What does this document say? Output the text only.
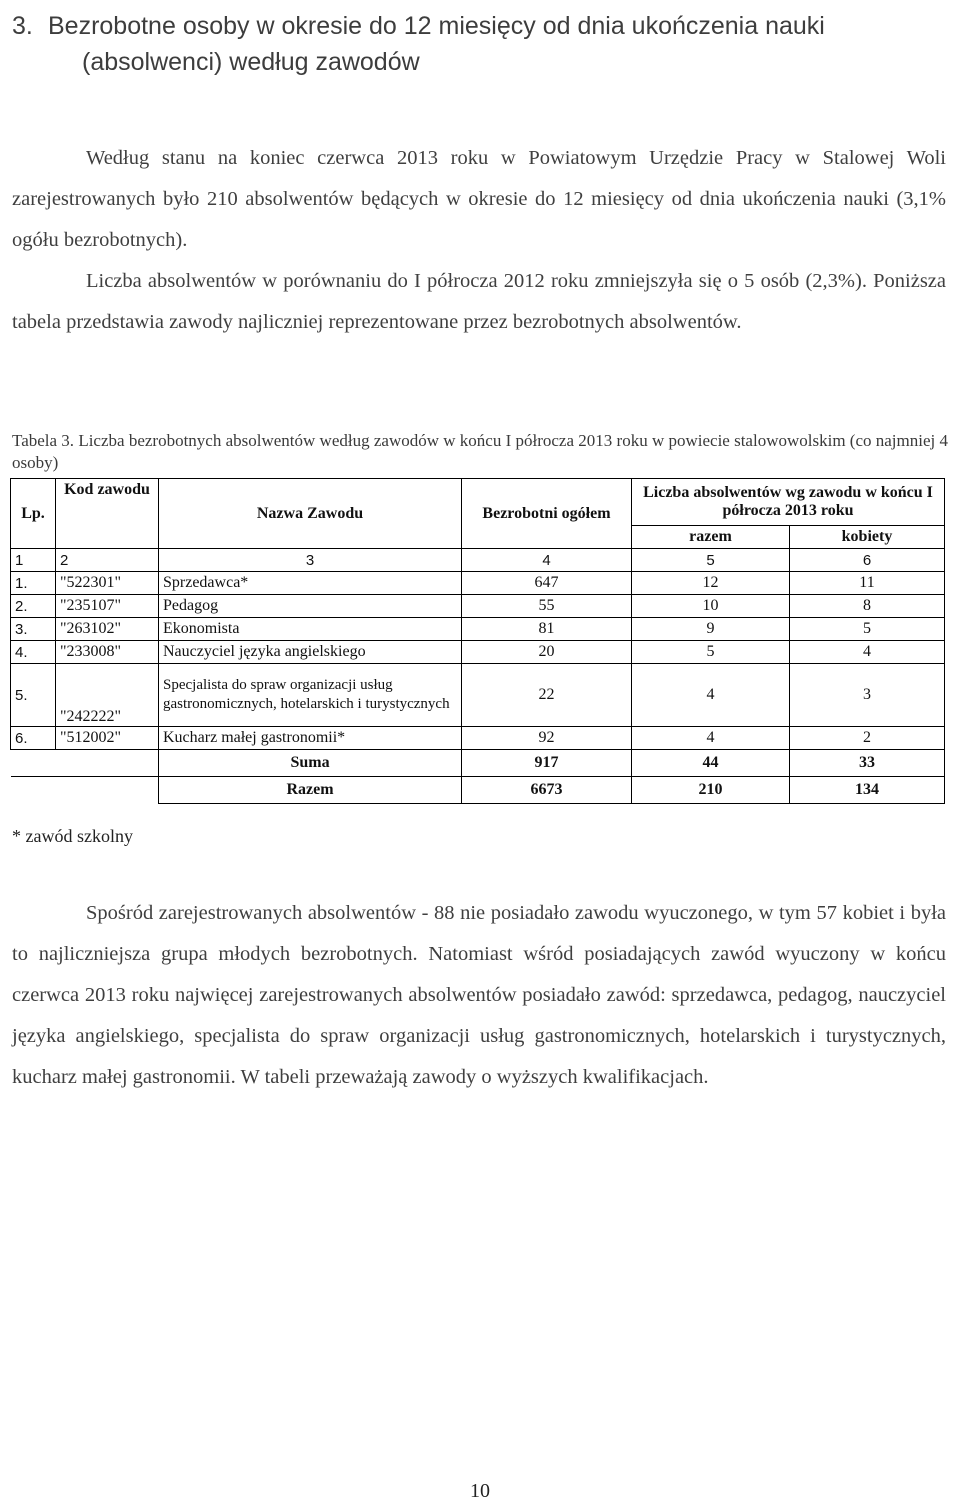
3. Bezrobotne osoby w okresie do 12 miesięcy od dnia ukończenia nauki
(absolwenci) według zawodów
Według stanu na koniec czerwca 2013 roku w Powiatowym Urzędzie Pracy w Stalowej Woli zarejestrowanych było 210 absolwentów będących w okresie do 12 miesięcy od dnia ukończenia nauki (3,1% ogółu bezrobotnych).
Liczba absolwentów w porównaniu do I półrocza 2012 roku zmniejszyła się o 5 osób (2,3%). Poniższa tabela przedstawia zawody najliczniej reprezentowane przez bezrobotnych absolwentów.
Tabela 3. Liczba bezrobotnych absolwentów według zawodów w końcu I półrocza 2013 roku w powiecie stalowowolskim (co najmniej 4 osoby)
Lp.	Kod zawodu	Nazwa Zawodu	Bezrobotni ogółem	Liczba absolwentów wg zawodu w końcu I półrocza 2013 roku	

				razem	kobiety
1	2	3	4	5	6
1.	"522301"	Sprzedawca*	647	12	11
2.	"235107"	Pedagog	55	10	8
3.	"263102"	Ekonomista	81	9	5
4.	"233008"	Nauczyciel języka angielskiego	20	5	4
5.	"242222"	Specjalista do spraw organizacji usług gastronomicznych, hotelarskich i turystycznych	22	4	3
6.	"512002"	Kucharz małej gastronomii*	92	4	2
		Suma	917	44	33
		Razem	6673	210	134
* zawód szkolny
Spośród zarejestrowanych absolwentów - 88 nie posiadało zawodu wyuczonego, w tym 57 kobiet i była to najliczniejsza grupa młodych bezrobotnych. Natomiast wśród posiadających zawód wyuczony w końcu czerwca 2013 roku najwięcej zarejestrowanych absolwentów posiadało zawód: sprzedawca, pedagog, nauczyciel języka angielskiego, specjalista do spraw organizacji usług gastronomicznych, hotelarskich i turystycznych, kucharz małej gastronomii. W tabeli przeważają zawody o wyższych kwalifikacjach.
10
